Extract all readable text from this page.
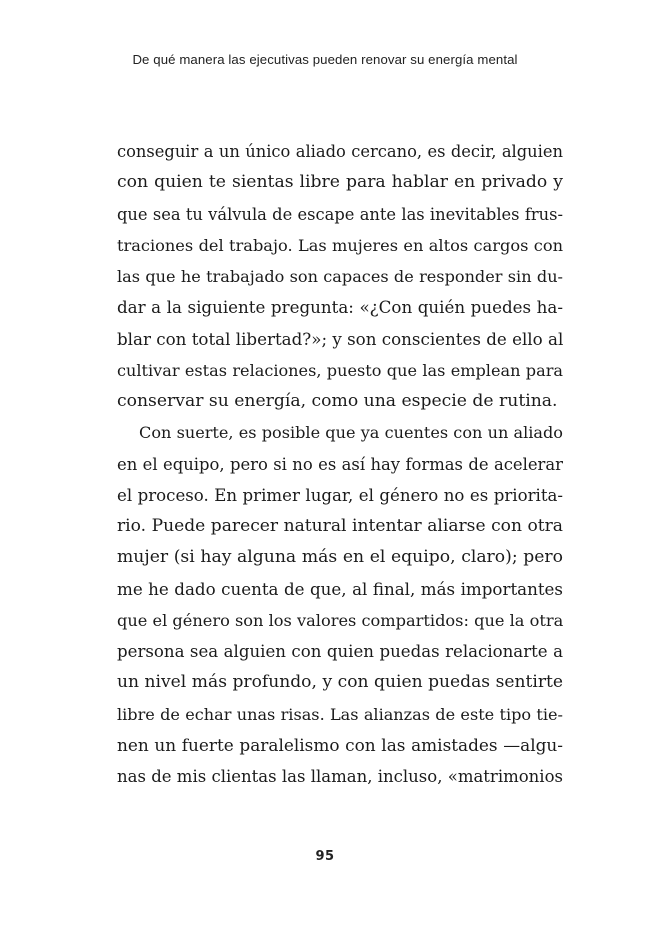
De qué manera las ejecutivas pueden renovar su energía mental
conseguir a un único aliado cercano, es decir, alguien
con quien te sientas libre para hablar en privado y
que sea tu válvula de escape ante las inevitables frus-
traciones del trabajo. Las mujeres en altos cargos con
las que he trabajado son capaces de responder sin du-
dar a la siguiente pregunta: «¿Con quién puedes ha-
blar con total libertad?»; y son conscientes de ello al
cultivar estas relaciones, puesto que las emplean para
conservar su energía, como una especie de rutina.
Con suerte, es posible que ya cuentes con un aliado
en el equipo, pero si no es así hay formas de acelerar
el proceso. En primer lugar, el género no es priorita-
rio. Puede parecer natural intentar aliarse con otra
mujer (si hay alguna más en el equipo, claro); pero
me he dado cuenta de que, al final, más importantes
que el género son los valores compartidos: que la otra
persona sea alguien con quien puedas relacionarte a
un nivel más profundo, y con quien puedas sentirte
libre de echar unas risas. Las alianzas de este tipo tie-
nen un fuerte paralelismo con las amistades —algu-
nas de mis clientas las llaman, incluso, «matrimonios
95
